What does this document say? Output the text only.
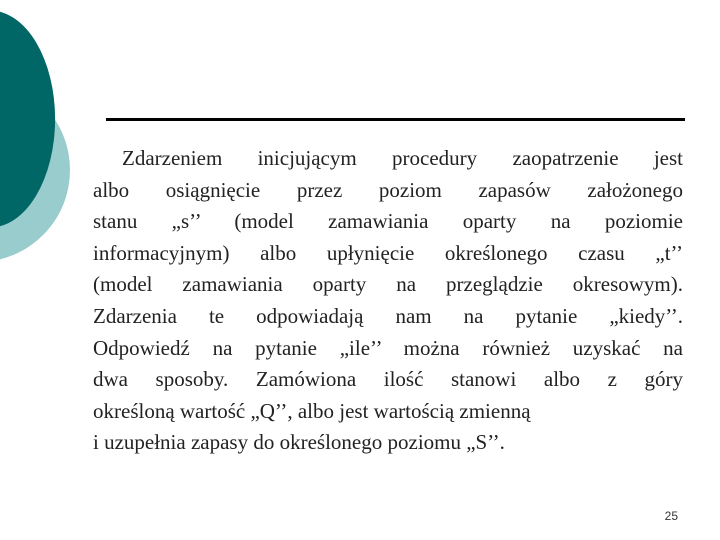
Zdarzeniem inicjującym procedury zaopatrzenie jest
albo osiągnięcie przez poziom zapasów założonego
stanu „s’’ (model zamawiania oparty na poziomie
informacyjnym) albo upłynięcie określonego czasu „t’’
(model zamawiania oparty na przeglądzie okresowym).
Zdarzenia te odpowiadają nam na pytanie „kiedy’’.
Odpowiedź na pytanie „ile’’ można również uzyskać na
dwa sposoby. Zamówiona ilość stanowi albo z góry
określoną wartość „Q’’, albo jest wartością zmienną
i uzupełnia zapasy do określonego poziomu „S’’.
25
